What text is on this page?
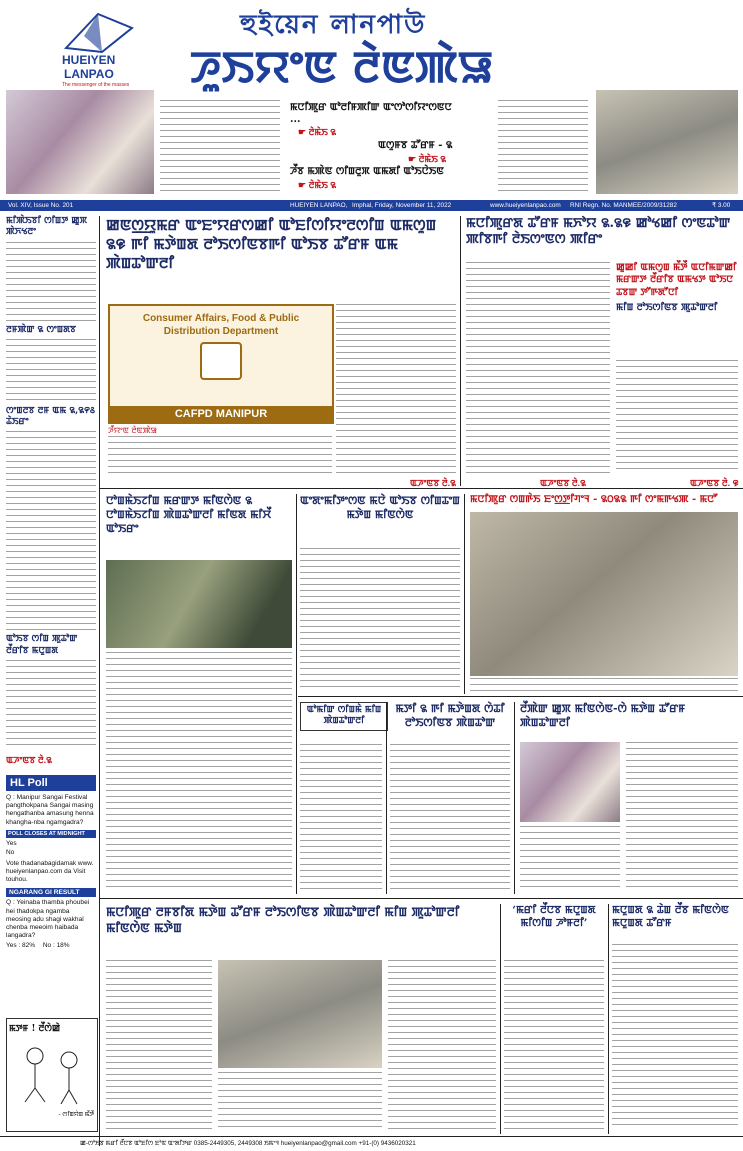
HUEIYEN
LANPAO
The messenger of the masses
হুইয়েন লানপাউ
ꯍꯨꯏꯌꯦꯟ ꯂꯥꯟꯄꯥꯎ
ꯃꯅꯤꯄꯨꯔ ꯑꯣꯂꯤꯝꯄꯤꯛ ꯑꯦꯁꯣꯁꯤꯌꯦꯁꯟꯅ ...
☛ ꯂꯥꯃꯥꯏ ꯲
ꯑꯁꯨꯝꯕ ꯊꯧꯔꯝ - ꯲
☛ ꯂꯥꯃꯥꯏ ꯲
ꯍꯩꯕ ꯃꯄꯥꯟ ꯁꯤꯡꯂꯨꯞ ꯑꯃꯗꯤ ꯑꯣꯏꯅꯥꯏꯟ
☛ ꯂꯥꯃꯥꯏ ꯲
Vol. XIV, Issue No. 201	HUEIYEN LANPAO, Imphal, Friday, November 11, 2022	www.hueiyenlanpao.com RNI Regn. No. MANMEE/2009/31282	₹ 3.00
ꯃꯤꯄꯥꯏꯕꯤ ꯁꯤꯡꯇ ꯀꯨꯞ ꯄꯥꯈꯠꯂꯦ
ꯂꯝꯄꯥꯛ ꯲ ꯁꯦꯡꯗꯕ
ꯁꯦꯡꯂꯕ ꯂꯝ ꯑꯃ ꯲,꯲꯵꯴ ꯊꯥꯏꯔꯦ
ꯑꯣꯏꯕ ꯁꯤꯡ ꯄꯨꯊꯣꯛ ꯂꯩꯔꯤꯕ ꯃꯅꯨꯡꯗ
ꯑꯍꯦꯟꯕ ꯂꯥ.꯲
HL Poll
Q : Manipur Sangai Festival pangthokpana Sangai masing hengathanba amasung henna khangha-nba ngamgadra?
POLL CLOSES AT MIDNIGHT
Yes
No
Vote thadanabagidamak www. hueiyenlanpao.com da Visit touhou.
NGARANG GI RESULT
Q : Yeinaba thamba phoubei hei thadokpa ngamba meosing adu shagi wakhal chenba meeoim haibada langadra?
Yes : 82% No : 18%
ꯃꯇꯝ ! ꯂꯩꯁꯥꯀꯥ
- ꯁꯤꯡꯌꯥꯡ ꯃꯩꯇꯩ
ꯀꯟꯁ꯭ꯌꯨꯃꯔ ꯑꯦꯐꯦꯌꯔꯁꯀꯤ ꯑꯣꯐꯤꯁꯤꯌꯦꯂꯁꯤꯡ ꯑꯃꯁꯨꯡ ꯲꯶ ꯒꯤ ꯃꯇꯥꯡꯗ ꯂꯣꯏꯁꯤꯟꯕꯒꯤ ꯑꯣꯏꯕ ꯊꯧꯔꯝ ꯑꯃ ꯄꯥꯡꯊꯣꯛꯂꯤ
Consumer Affairs, Food & Public Distribution Department
CAFPD MANIPUR
ꯍꯩꯌꯦꯟ ꯂꯥꯟꯄꯥꯎ
ꯑꯍꯦꯟꯕ ꯂꯥ.꯲
ꯃꯅꯤꯄꯨꯔꯗ ꯊꯧꯔꯝ ꯃꯈꯣꯌ ꯲.꯲꯶ ꯀꯣꯠꯀꯤ ꯁꯦꯟꯊꯣꯛ ꯄꯤꯕꯒꯤ ꯂꯥꯏꯁꯦꯟꯁ ꯄꯤꯔꯦ
ꯑꯍꯦꯟꯕ ꯂꯥ.꯲
ꯀꯨꯀꯤ ꯑꯃꯁꯨꯡ ꯃꯩꯇꯩ ꯑꯅꯤꯃꯛꯀꯤ ꯃꯔꯛꯇ ꯂꯩꯔꯤꯕ ꯑꯃꯠꯇ ꯑꯣꯏꯅ ꯊꯕꯛ ꯇꯧꯒꯗꯧꯅꯤ
ꯃꯤꯡ ꯂꯣꯏꯁꯤꯟꯕ ꯄꯨꯊꯣꯛꯂꯤ
ꯑꯍꯦꯟꯕ ꯂꯥ. ꯶
ꯅꯣꯡꯃꯥꯏꯖꯤꯡ ꯃꯔꯛꯇ ꯃꯤꯟꯁꯥꯟ ꯲ ꯅꯣꯡꯃꯥꯏꯖꯤꯡ ꯄꯥꯡꯊꯣꯛꯂꯤ ꯃꯤꯟꯗ ꯃꯤꯆꯩ ꯑꯣꯏꯔꯦ
ꯑꯦꯗꯦꯃꯤꯇꯦꯁꯟ ꯃꯅꯥ ꯑꯣꯏꯕ ꯁꯤꯡꯊꯦꯡ ꯃꯇꯥꯡ ꯃꯤꯟꯁꯥꯟ
ꯃꯅꯤꯄꯨꯔ ꯁꯡꯒꯥꯏ ꯐꯦꯁ꯭ꯇꯤꯚꯦꯜ - ꯲꯰꯲꯲ ꯒꯤ ꯁꯦꯃꯒꯠꯄ - ꯃꯅꯧ
ꯑꯣꯃꯤꯛ ꯁꯤꯡꯃꯥ ꯃꯤꯡ ꯄꯥꯡꯊꯣꯛꯂꯤ
ꯃꯇꯤ ꯲ ꯒꯤ ꯃꯇꯥꯡꯗ ꯁꯥꯊꯤ ꯂꯣꯏꯁꯤꯟꯕ ꯄꯥꯡꯊꯣꯛ
ꯂꯩꯄꯥꯛ ꯀꯨꯞ ꯃꯤꯟꯁꯥꯟ-ꯁꯥ ꯃꯇꯥꯡ ꯊꯧꯔꯝ ꯄꯥꯡꯊꯣꯛꯂꯤ
ꯃꯅꯤꯄꯨꯔ ꯂꯝꯕꯤꯗ ꯃꯇꯥꯡ ꯊꯧꯔꯝ ꯂꯣꯏꯁꯤꯟꯕ ꯄꯥꯡꯊꯣꯛꯂꯤ ꯃꯤꯡ ꯄꯨꯊꯣꯛꯂꯤ ꯃꯤꯟꯁꯥꯟ ꯃꯇꯥꯡ
‘ꯃꯔꯤ ꯂꯩꯅꯕ ꯃꯅꯨꯡꯗ ꯃꯤꯁꯤꯡ ꯍꯣꯝꯂꯤ’
ꯃꯅꯨꯡꯗ ꯲ ꯊꯥꯡ ꯂꯩꯕ ꯃꯤꯟꯁꯥꯟ ꯃꯅꯨꯡꯗ ꯊꯧꯔꯝ
ꯀ-ꯁꯣꯏꯕ ꯃꯔꯤ ꯂꯩꯅꯕ ꯑꯣꯐꯤꯁ ꯐꯣꯟ ꯑꯦꯗꯤꯇꯔ 0385-2449305, 2449308 ꯏꯃꯦꯜ hueiyenlanpao@gmail.com +91-(0) 9436020321
